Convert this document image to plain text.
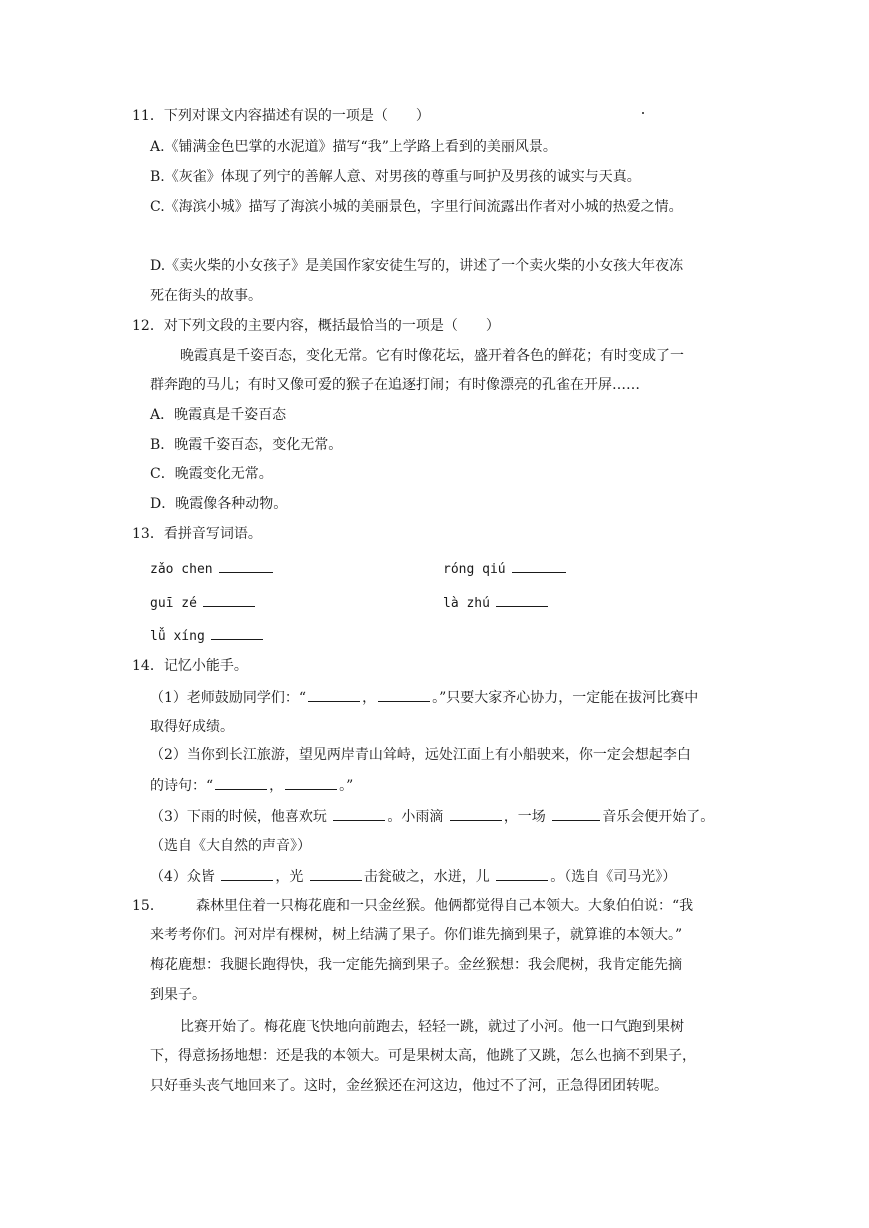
11．下列对课文内容描述有误的一项是（　　）
A.《铺满金色巴掌的水泥道》描写“我”上学路上看到的美丽风景。
B.《灰雀》体现了列宁的善解人意、对男孩的尊重与呵护及男孩的诚实与天真。
C.《海滨小城》描写了海滨小城的美丽景色，字里行间流露出作者对小城的热爱之情。
D.《卖火柴的小女孩子》是美国作家安徒生写的，讲述了一个卖火柴的小女孩大年夜冻
死在街头的故事。
12．对下列文段的主要内容，概括最恰当的一项是（　　）
晚霞真是千姿百态，变化无常。它有时像花坛，盛开着各色的鲜花；有时变成了一
群奔跑的马儿；有时又像可爱的猴子在追逐打闹；有时像漂亮的孔雀在开屏……
A．晚霞真是千姿百态
B．晚霞千姿百态，变化无常。
C．晚霞变化无常。
D．晚霞像各种动物。
13．看拼音写词语。
zǎo chen	róng qiú
guī zé	là zhú
lǚ xíng
14．记忆小能手。
（1）老师鼓励同学们：“	，	。”只要大家齐心协力，一定能在拔河比赛中
取得好成绩。
（2）当你到长江旅游，望见两岸青山耸峙，远处江面上有小船驶来，你一定会想起李白
的诗句：“	，	。”
（3）下雨的时候，他喜欢玩	。小雨滴	，一场	音乐会便开始了。
（选自《大自然的声音》）
（4）众皆	，光	击瓮破之，水迸，儿	。（选自《司马光》）
15． 森林里住着一只梅花鹿和一只金丝猴。他俩都觉得自己本领大。大象伯伯说：“我
来考考你们。河对岸有棵树，树上结满了果子。你们谁先摘到果子，就算谁的本领大。”
梅花鹿想：我腿长跑得快，我一定能先摘到果子。金丝猴想：我会爬树，我肯定能先摘
到果子。
比赛开始了。梅花鹿飞快地向前跑去，轻轻一跳，就过了小河。他一口气跑到果树
下，得意扬扬地想：还是我的本领大。可是果树太高，他跳了又跳，怎么也摘不到果子，
只好垂头丧气地回来了。这时，金丝猴还在河这边，他过不了河，正急得团团转呢。
